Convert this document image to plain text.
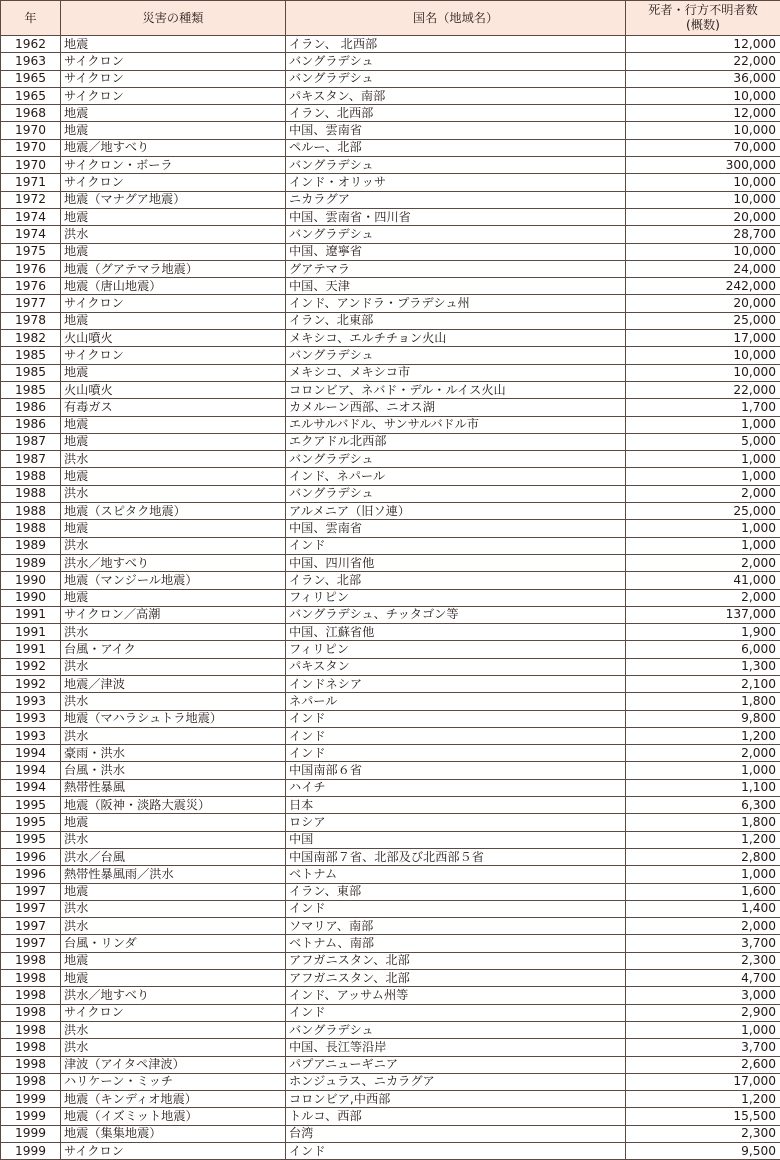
年	災害の種類	国名（地域名）	死者・行方不明者数
(概数)
1962	地震	イラン、 北西部	12,000
1963	サイクロン	バングラデシュ	22,000
1965	サイクロン	バングラデシュ	36,000
1965	サイクロン	パキスタン、南部	10,000
1968	地震	イラン、北西部	12,000
1970	地震	中国、雲南省	10,000
1970	地震／地すべり	ペルー、北部	70,000
1970	サイクロン・ボーラ	バングラデシュ	300,000
1971	サイクロン	インド・オリッサ	10,000
1972	地震（マナグア地震）	ニカラグア	10,000
1974	地震	中国、雲南省・四川省	20,000
1974	洪水	バングラデシュ	28,700
1975	地震	中国、遼寧省	10,000
1976	地震（グアテマラ地震）	グアテマラ	24,000
1976	地震（唐山地震）	中国、天津	242,000
1977	サイクロン	インド、アンドラ・プラデシュ州	20,000
1978	地震	イラン、北東部	25,000
1982	火山噴火	メキシコ、エルチチョン火山	17,000
1985	サイクロン	バングラデシュ	10,000
1985	地震	メキシコ、メキシコ市	10,000
1985	火山噴火	コロンビア、ネバド・デル・ルイス火山	22,000
1986	有毒ガス	カメルーン西部、ニオス湖	1,700
1986	地震	エルサルバドル、サンサルバドル市	1,000
1987	地震	エクアドル北西部	5,000
1987	洪水	バングラデシュ	1,000
1988	地震	インド、ネパール	1,000
1988	洪水	バングラデシュ	2,000
1988	地震（スピタク地震）	アルメニア（旧ソ連）	25,000
1988	地震	中国、雲南省	1,000
1989	洪水	インド	1,000
1989	洪水／地すべり	中国、四川省他	2,000
1990	地震（マンジール地震）	イラン、北部	41,000
1990	地震	フィリピン	2,000
1991	サイクロン／高潮	バングラデシュ、チッタゴン等	137,000
1991	洪水	中国、江蘇省他	1,900
1991	台風・アイク	フィリピン	6,000
1992	洪水	パキスタン	1,300
1992	地震／津波	インドネシア	2,100
1993	洪水	ネパール	1,800
1993	地震（マハラシュトラ地震）	インド	9,800
1993	洪水	インド	1,200
1994	豪雨・洪水	インド	2,000
1994	台風・洪水	中国南部６省	1,000
1994	熱帯性暴風	ハイチ	1,100
1995	地震（阪神・淡路大震災）	日本	6,300
1995	地震	ロシア	1,800
1995	洪水	中国	1,200
1996	洪水／台風	中国南部７省、北部及び北西部５省	2,800
1996	熱帯性暴風雨／洪水	ベトナム	1,000
1997	地震	イラン、東部	1,600
1997	洪水	インド	1,400
1997	洪水	ソマリア、南部	2,000
1997	台風・リンダ	ベトナム、南部	3,700
1998	地震	アフガニスタン、北部	2,300
1998	地震	アフガニスタン、北部	4,700
1998	洪水／地すべり	インド、アッサム州等	3,000
1998	サイクロン	インド	2,900
1998	洪水	バングラデシュ	1,000
1998	洪水	中国、長江等沿岸	3,700
1998	津波（アイタペ津波）	パプアニューギニア	2,600
1998	ハリケーン・ミッチ	ホンジュラス、ニカラグア	17,000
1999	地震（キンディオ地震）	コロンビア,中西部	1,200
1999	地震（イズミット地震）	トルコ、西部	15,500
1999	地震（集集地震）	台湾	2,300
1999	サイクロン	インド	9,500
